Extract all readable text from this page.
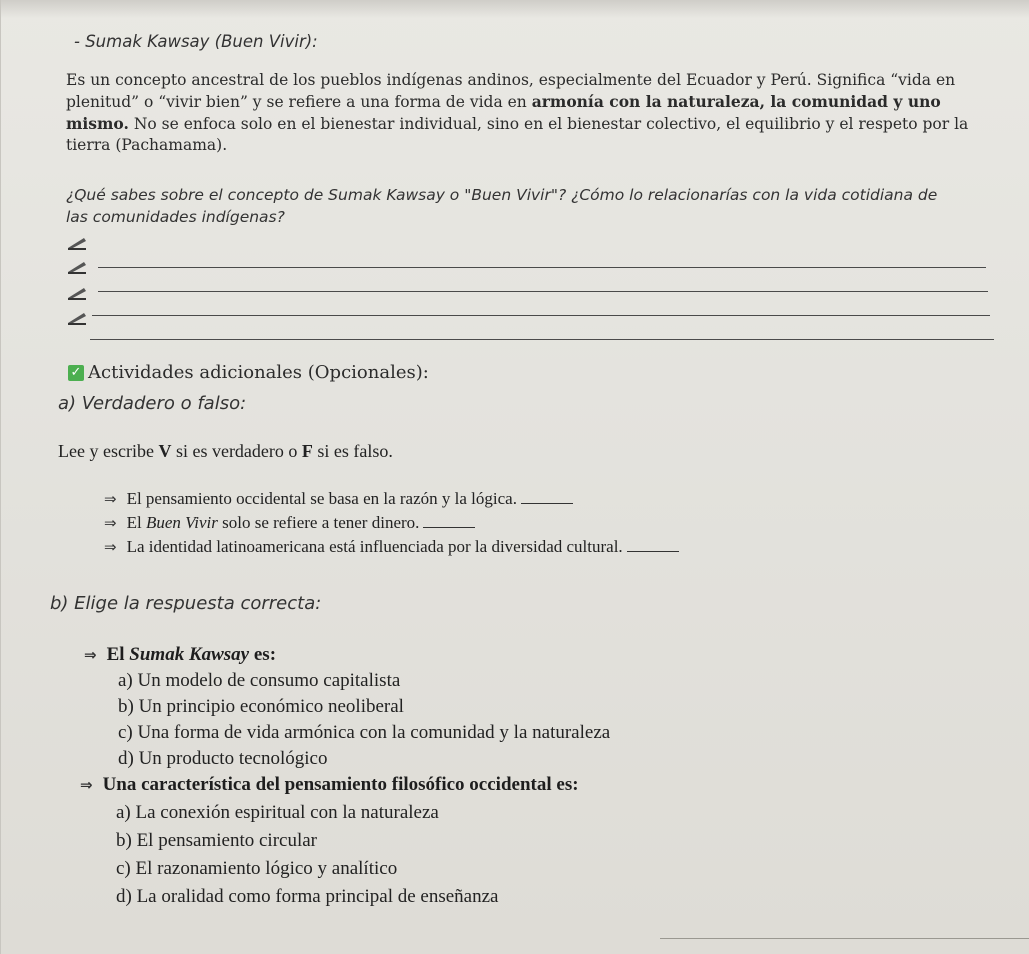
- Sumak Kawsay (Buen Vivir):

Es un concepto ancestral de los pueblos indígenas andinos, especialmente del Ecuador y Perú. Significa “vida en

plenitud” o “vivir bien” y se refiere a una forma de vida en armonía con la naturaleza, la comunidad y uno

mismo. No se enfoca solo en el bienestar individual, sino en el bienestar colectivo, el equilibrio y el respeto por la

tierra (Pachamama).

¿Qué sabes sobre el concepto de Sumak Kawsay o "Buen Vivir"? ¿Cómo lo relacionarías con la vida cotidiana de
las comunidades indígenas?
✓ Actividades adicionales (Opcionales):
a) Verdadero o falso:
Lee y escribe V si es verdadero o F si es falso.
⇒ El pensamiento occidental se basa en la razón y la lógica.
⇒ El Buen Vivir solo se refiere a tener dinero.
⇒ La identidad latinoamericana está influenciada por la diversidad cultural.
b) Elige la respuesta correcta:
⇒ El Sumak Kawsay es:
a) Un modelo de consumo capitalista
b) Un principio económico neoliberal
c) Una forma de vida armónica con la comunidad y la naturaleza
d) Un producto tecnológico
⇒ Una característica del pensamiento filosófico occidental es:
a) La conexión espiritual con la naturaleza
b) El pensamiento circular
c) El razonamiento lógico y analítico
d) La oralidad como forma principal de enseñanza
